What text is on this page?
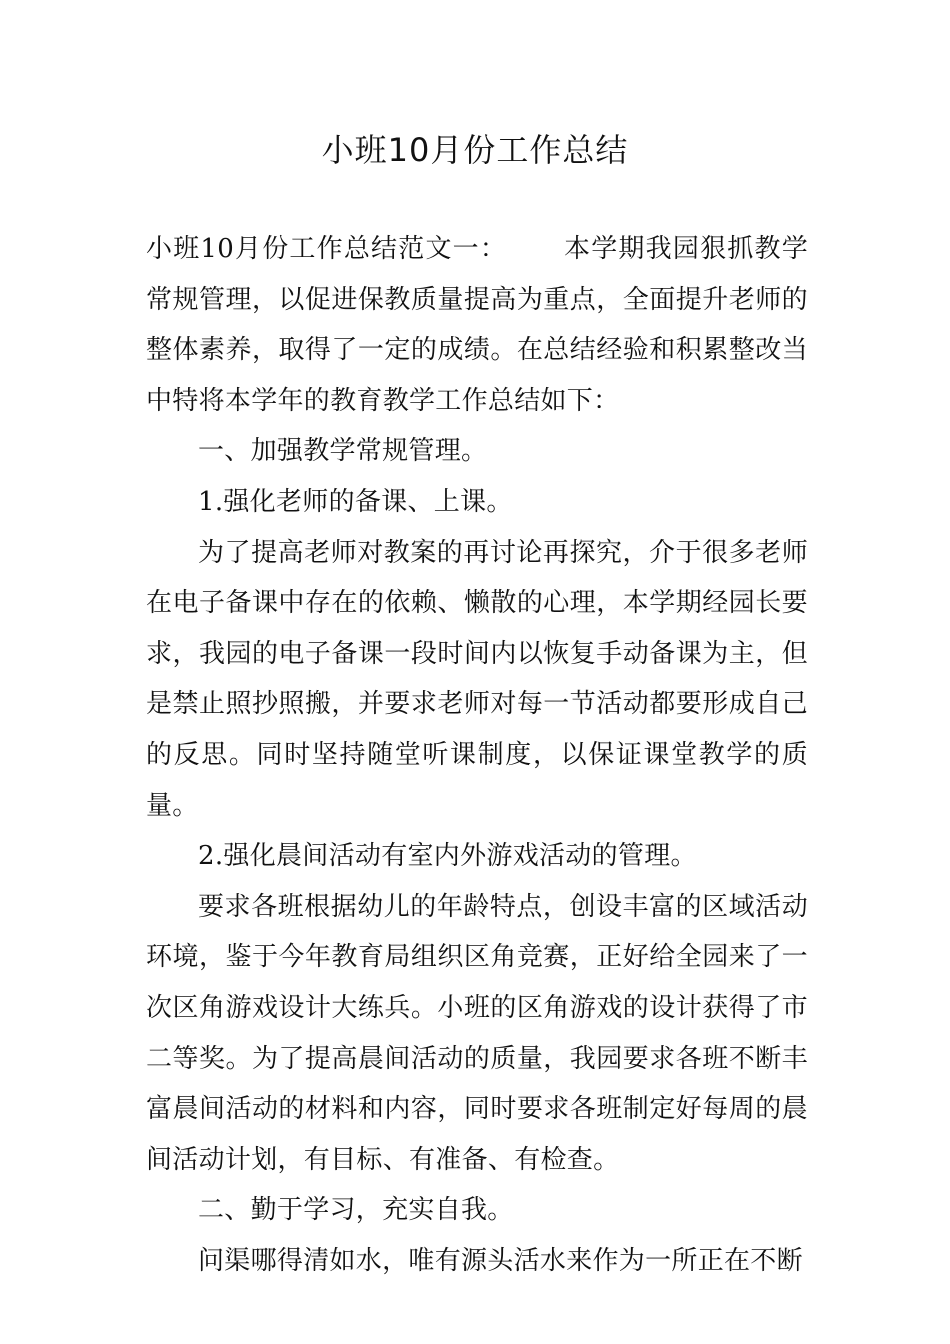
小班10月份工作总结

小班10月份工作总结范文一： 本学期我园狠抓教学常规管理，以促进保教质量提高为重点，全面提升老师的整体素养，取得了一定的成绩。在总结经验和积累整改当中特将本学年的教育教学工作总结如下：

一、加强教学常规管理。

1.强化老师的备课、上课。

为了提高老师对教案的再讨论再探究，介于很多老师在电子备课中存在的依赖、懒散的心理，本学期经园长要求，我园的电子备课一段时间内以恢复手动备课为主，但是禁止照抄照搬，并要求老师对每一节活动都要形成自己的反思。同时坚持随堂听课制度，以保证课堂教学的质量。

2.强化晨间活动有室内外游戏活动的管理。

要求各班根据幼儿的年龄特点，创设丰富的区域活动环境，鉴于今年教育局组织区角竞赛，正好给全园来了一次区角游戏设计大练兵。小班的区角游戏的设计获得了市二等奖。为了提高晨间活动的质量，我园要求各班不断丰富晨间活动的材料和内容，同时要求各班制定好每周的晨间活动计划，有目标、有准备、有检查。

二、勤于学习，充实自我。

问渠哪得清如水，唯有源头活水来作为一所正在不断
